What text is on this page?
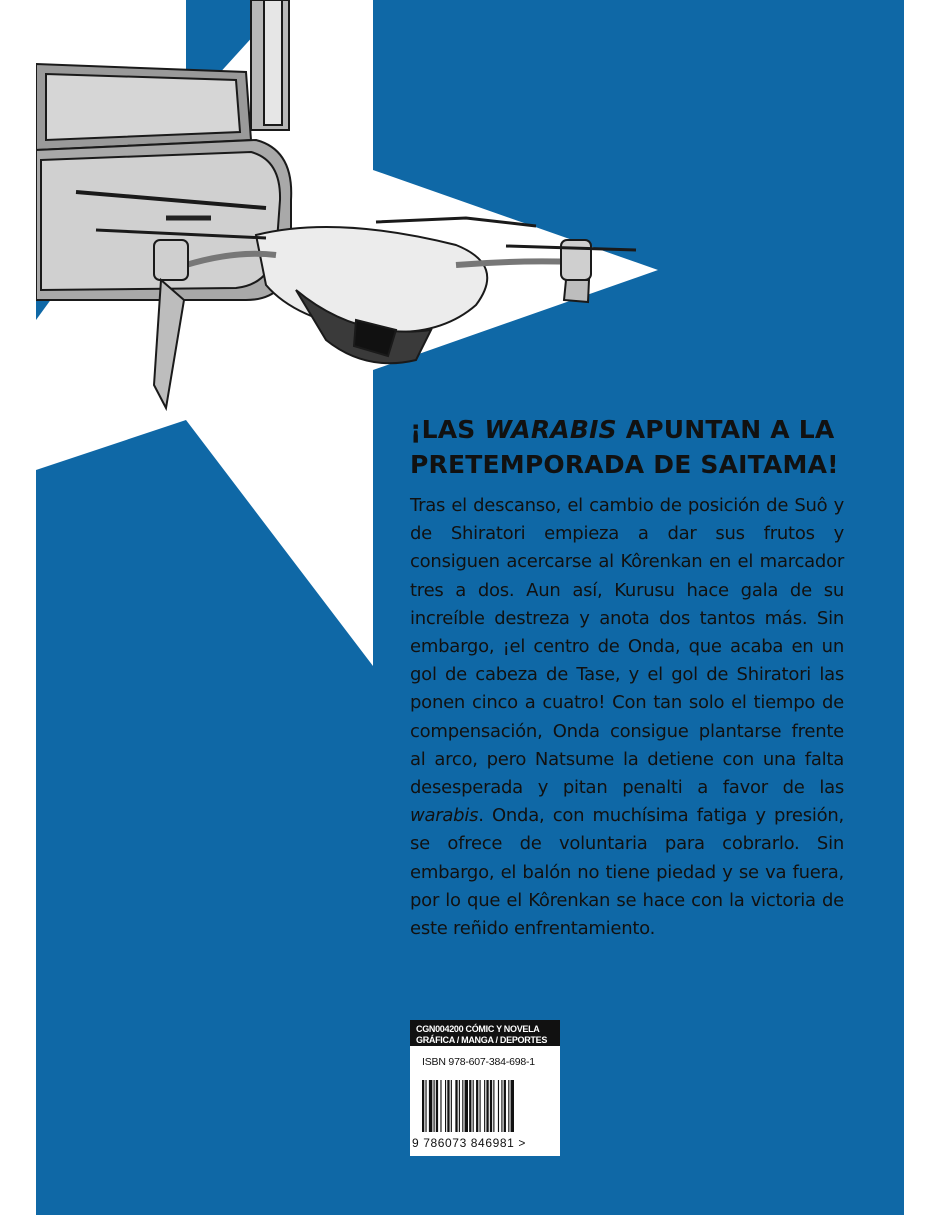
¡LAS WARABIS APUNTAN A LA PRETEMPORADA DE SAITAMA!

Tras el descanso, el cambio de posición de Suô y de Shiratori empieza a dar sus frutos y consiguen acercarse al Kôrenkan en el marcador tres a dos. Aun así, Kurusu hace gala de su increíble destreza y anota dos tantos más. Sin embargo, ¡el centro de Onda, que acaba en un gol de cabeza de Tase, y el gol de Shiratori las ponen cinco a cuatro! Con tan solo el tiempo de compensación, Onda consigue plantarse frente al arco, pero Natsume la detiene con una falta desesperada y pitan penalti a favor de las warabis. Onda, con muchísima fatiga y presión, se ofrece de voluntaria para cobrarlo. Sin embargo, el balón no tiene piedad y se va fuera, por lo que el Kôrenkan se hace con la victoria de este reñido enfrentamiento.

CGN004200 CÓMIC Y NOVELA
GRÁFICA / MANGA / DEPORTES
ISBN 978-607-384-698-1
9 786073 846981 >
